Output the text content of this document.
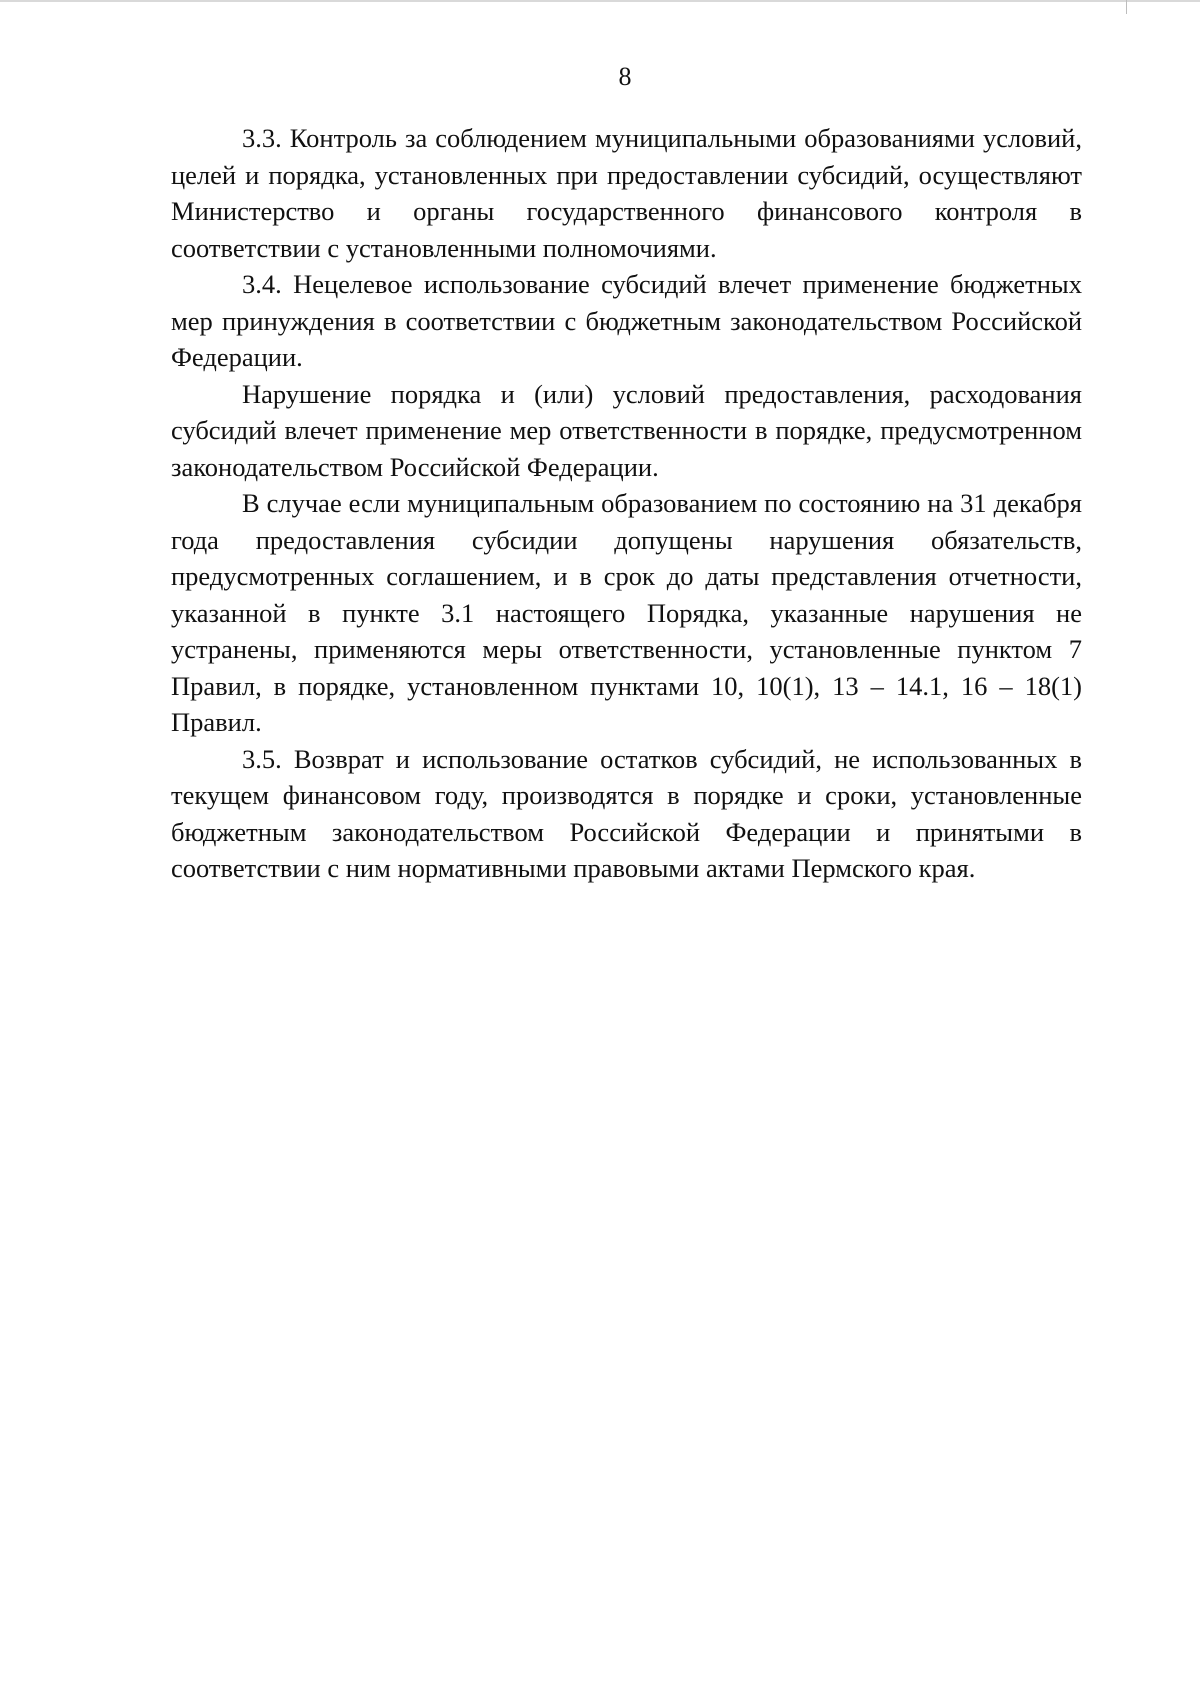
8

3.3. Контроль за соблюдением муниципальными образованиями условий, целей и порядка, установленных при предоставлении субсидий, осуществляют Министерство и органы государственного финансового контроля в соответствии с установленными полномочиями.

3.4. Нецелевое использование субсидий влечет применение бюджетных мер принуждения в соответствии с бюджетным законодательством Российской Федерации.

Нарушение порядка и (или) условий предоставления, расходования субсидий влечет применение мер ответственности в порядке, предусмотренном законодательством Российской Федерации.

В случае если муниципальным образованием по состоянию на 31 декабря года предоставления субсидии допущены нарушения обязательств, предусмотренных соглашением, и в срок до даты представления отчетности, указанной в пункте 3.1 настоящего Порядка, указанные нарушения не устранены, применяются меры ответственности, установленные пунктом 7 Правил, в порядке, установленном пунктами 10, 10(1), 13 – 14.1, 16 – 18(1) Правил.

3.5. Возврат и использование остатков субсидий, не использованных в текущем финансовом году, производятся в порядке и сроки, установленные бюджетным законодательством Российской Федерации и принятыми в соответствии с ним нормативными правовыми актами Пермского края.
